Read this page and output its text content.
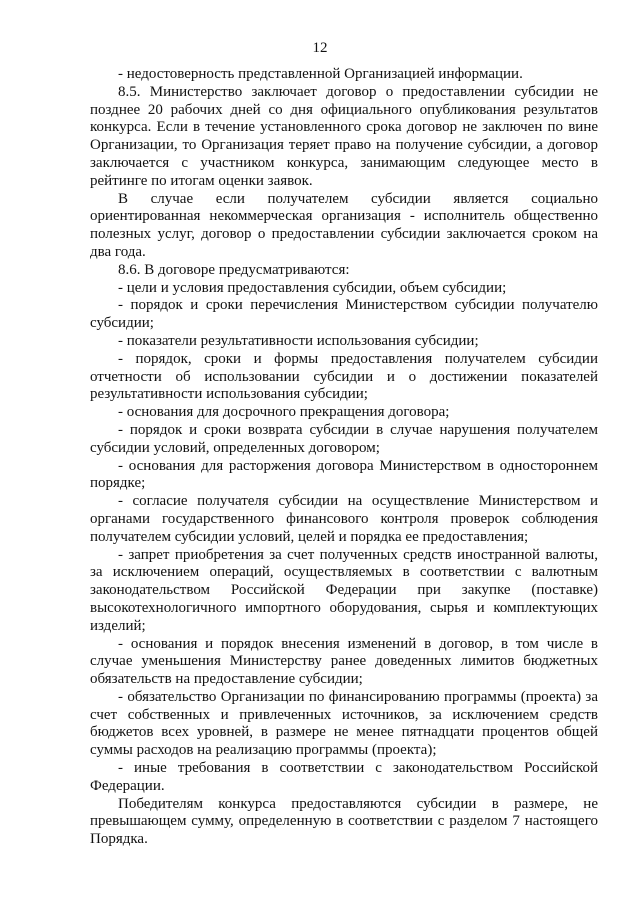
12

- недостоверность представленной Организацией информации.

8.5. Министерство заключает договор о предоставлении субсидии не позднее 20 рабочих дней со дня официального опубликования результатов конкурса. Если в течение установленного срока договор не заключен по вине Организации, то Организация теряет право на получение субсидии, а договор заключается с участником конкурса, занимающим следующее место в рейтинге по итогам оценки заявок.

В случае если получателем субсидии является социально ориентированная некоммерческая организация - исполнитель общественно полезных услуг, договор о предоставлении субсидии заключается сроком на два года.

8.6. В договоре предусматриваются:

- цели и условия предоставления субсидии, объем субсидии;

- порядок и сроки перечисления Министерством субсидии получателю субсидии;

- показатели результативности использования субсидии;

- порядок, сроки и формы предоставления получателем субсидии отчетности об использовании субсидии и о достижении показателей результативности использования субсидии;

- основания для досрочного прекращения договора;

- порядок и сроки возврата субсидии в случае нарушения получателем субсидии условий, определенных договором;

- основания для расторжения договора Министерством в одностороннем порядке;

- согласие получателя субсидии на осуществление Министерством и органами государственного финансового контроля проверок соблюдения получателем субсидии условий, целей и порядка ее предоставления;

- запрет приобретения за счет полученных средств иностранной валюты, за исключением операций, осуществляемых в соответствии с валютным законодательством Российской Федерации при закупке (поставке) высокотехнологичного импортного оборудования, сырья и комплектующих изделий;

- основания и порядок внесения изменений в договор, в том числе в случае уменьшения Министерству ранее доведенных лимитов бюджетных обязательств на предоставление субсидии;

- обязательство Организации по финансированию программы (проекта) за счет собственных и привлеченных источников, за исключением средств бюджетов всех уровней, в размере не менее пятнадцати процентов общей суммы расходов на реализацию программы (проекта);

- иные требования в соответствии с законодательством Российской Федерации.

Победителям конкурса предоставляются субсидии в размере, не превышающем сумму, определенную в соответствии с разделом 7 настоящего Порядка.
